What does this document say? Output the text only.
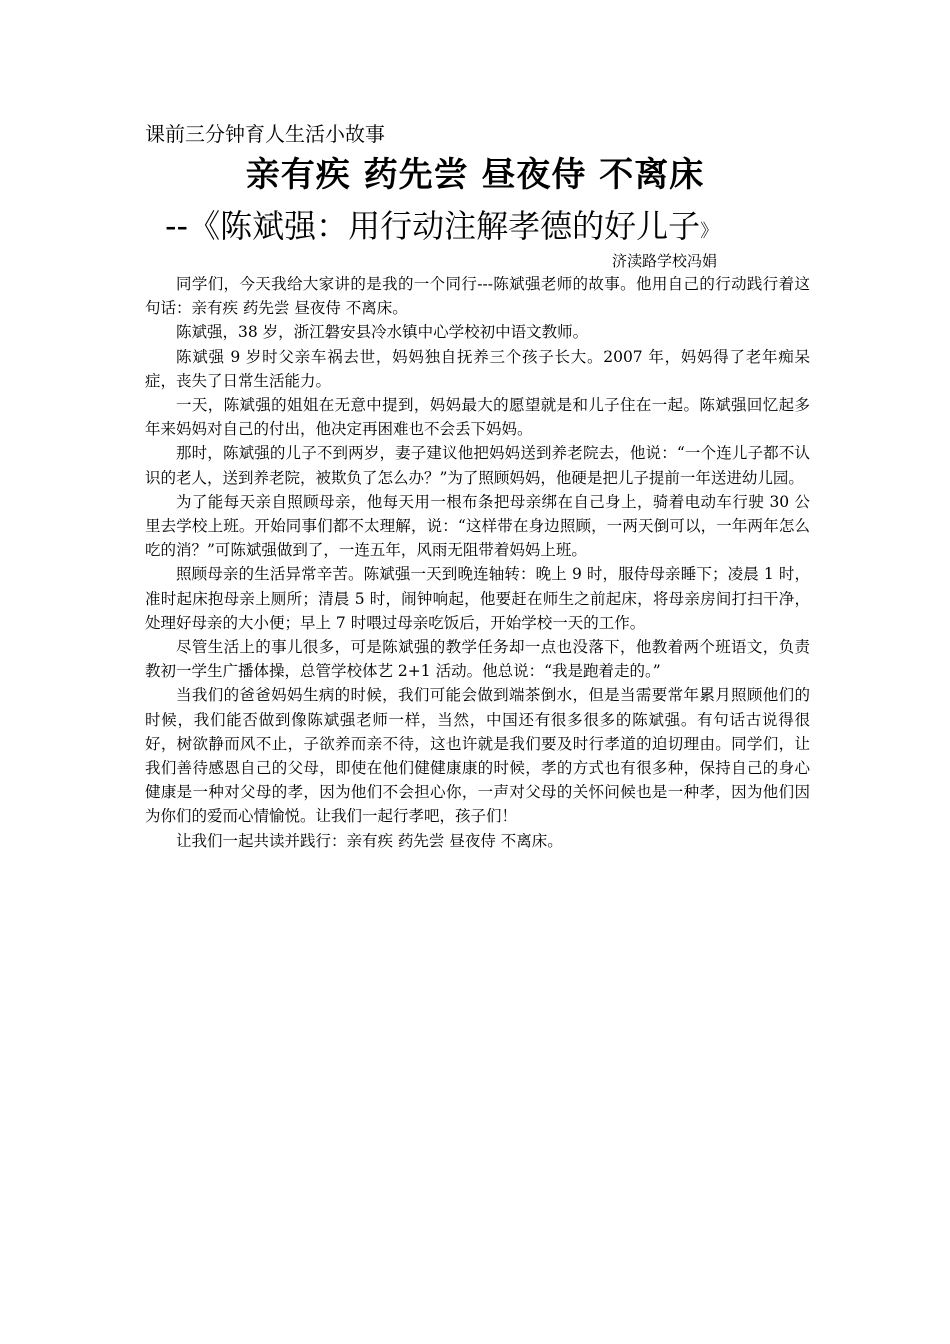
课前三分钟育人生活小故事
亲有疾 药先尝 昼夜侍 不离床
--《陈斌强：用行动注解孝德的好儿子》
济渎路学校冯娟

同学们，今天我给大家讲的是我的一个同行---陈斌强老师的故事。他用自己的行动践行着这句话：亲有疾 药先尝 昼夜侍 不离床。

陈斌强，38 岁，浙江磐安县冷水镇中心学校初中语文教师。

陈斌强 9 岁时父亲车祸去世，妈妈独自抚养三个孩子长大。2007 年，妈妈得了老年痴呆症，丧失了日常生活能力。

一天，陈斌强的姐姐在无意中提到，妈妈最大的愿望就是和儿子住在一起。陈斌强回忆起多年来妈妈对自己的付出，他决定再困难也不会丢下妈妈。

那时，陈斌强的儿子不到两岁，妻子建议他把妈妈送到养老院去，他说：“一个连儿子都不认识的老人，送到养老院，被欺负了怎么办？”为了照顾妈妈，他硬是把儿子提前一年送进幼儿园。

为了能每天亲自照顾母亲，他每天用一根布条把母亲绑在自己身上，骑着电动车行驶 30 公里去学校上班。开始同事们都不太理解，说：“这样带在身边照顾，一两天倒可以，一年两年怎么吃的消？”可陈斌强做到了，一连五年，风雨无阻带着妈妈上班。

照顾母亲的生活异常辛苦。陈斌强一天到晚连轴转：晚上 9 时，服侍母亲睡下；凌晨 1 时，准时起床抱母亲上厕所；清晨 5 时，闹钟响起，他要赶在师生之前起床，将母亲房间打扫干净，处理好母亲的大小便；早上 7 时喂过母亲吃饭后，开始学校一天的工作。

尽管生活上的事儿很多，可是陈斌强的教学任务却一点也没落下，他教着两个班语文，负责教初一学生广播体操，总管学校体艺 2+1 活动。他总说：“我是跑着走的。”

当我们的爸爸妈妈生病的时候，我们可能会做到端茶倒水，但是当需要常年累月照顾他们的时候，我们能否做到像陈斌强老师一样，当然，中国还有很多很多的陈斌强。有句话古说得很好，树欲静而风不止，子欲养而亲不待，这也许就是我们要及时行孝道的迫切理由。同学们，让我们善待感恩自己的父母，即使在他们健健康康的时候，孝的方式也有很多种，保持自己的身心健康是一种对父母的孝，因为他们不会担心你，一声对父母的关怀问候也是一种孝，因为他们因为你们的爱而心情愉悦。让我们一起行孝吧，孩子们！

让我们一起共读并践行：亲有疾 药先尝 昼夜侍 不离床。
